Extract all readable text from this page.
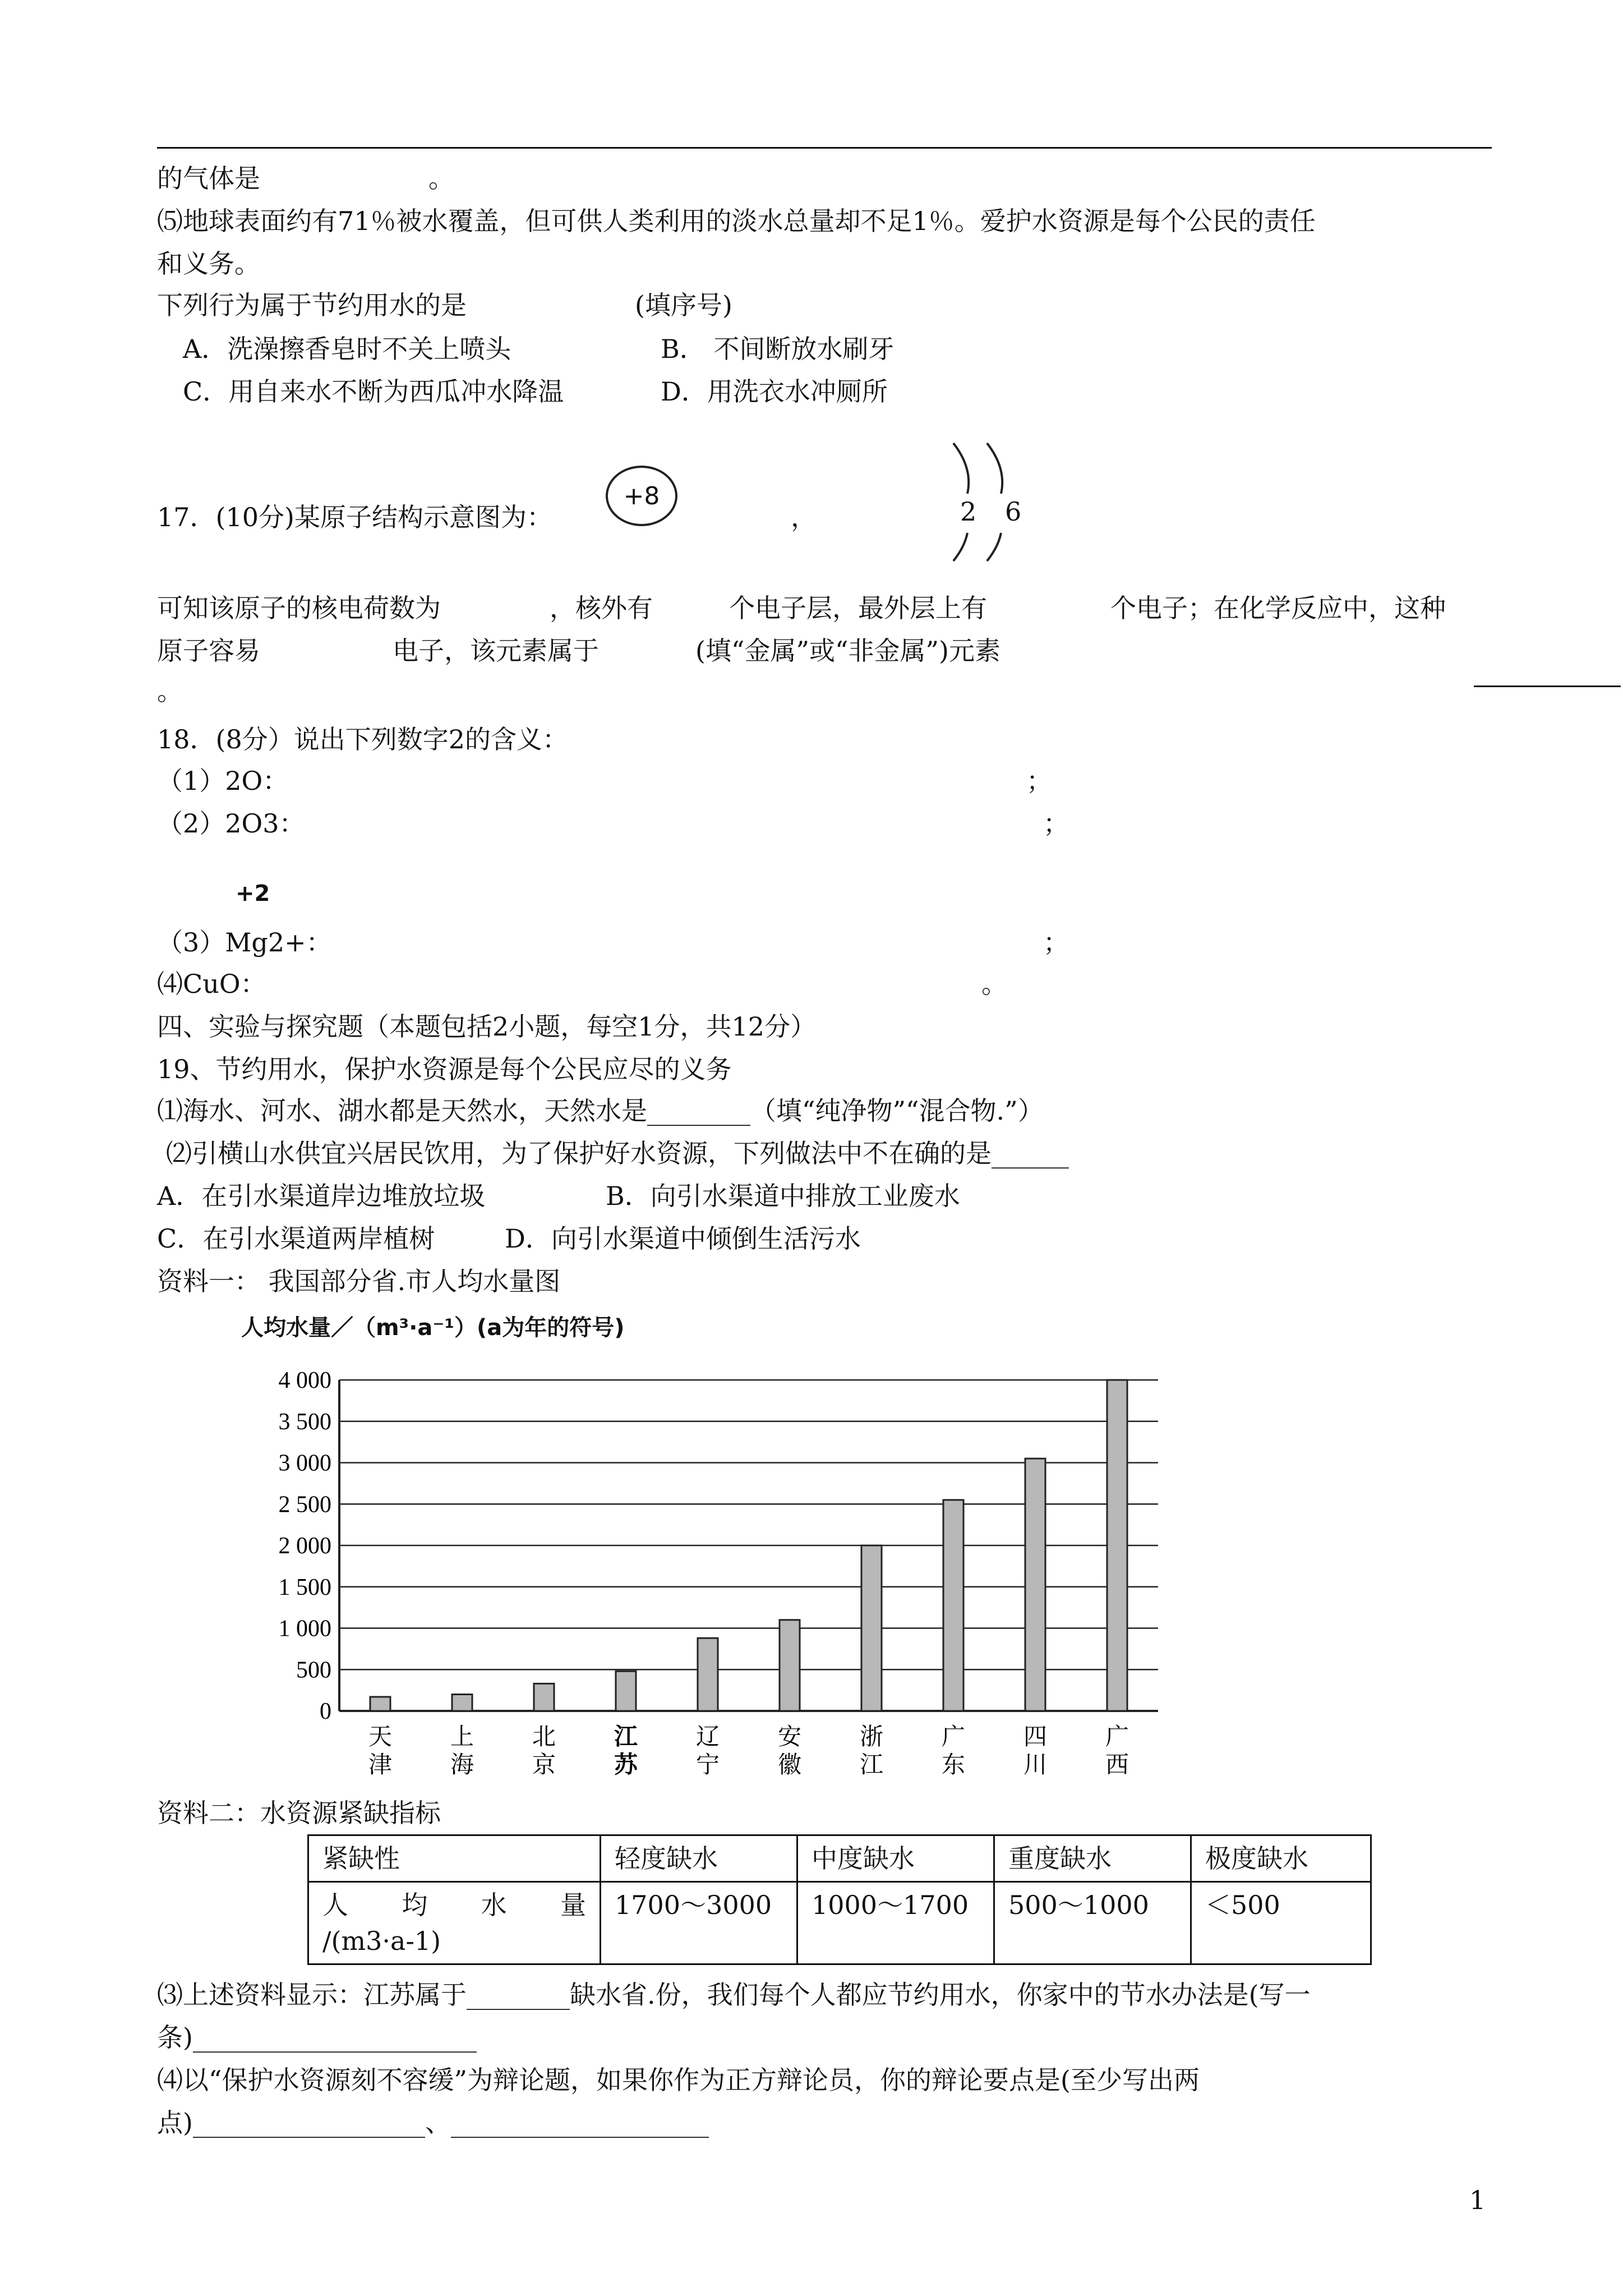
的气体是	。
⑸地球表面约有71％被水覆盖，但可供人类利用的淡水总量却不足1％。爱护水资源是每个公民的责任
和义务。
下列行为属于节约用水的是	(填序号)
A．洗澡擦香皂时不关上喷头	B． 不间断放水刷牙
C．用自来水不断为西瓜冲水降温	D．用洗衣水冲厕所
17．(10分)某原子结构示意图为：
+8
，	2 6
可知该原子的核电荷数为	，核外有	个电子层，最外层上有	个电子；在化学反应中，这种
原子容易	电子，该元素属于	(填“金属”或“非金属”)元素
。
18．(8分）说出下列数字2的含义：
（1）2O：	；
（2）2O3：	；
+2
（3）Mg2+：	；
⑷CuO：	。
四、实验与探究题（本题包括2小题，每空1分，共12分）
19、节约用水，保护水资源是每个公民应尽的义务
⑴海水、河水、湖水都是天然水，天然水是________（填“纯净物”“混合物.”）
⑵引横山水供宜兴居民饮用，为了保护好水资源，下列做法中不在确的是______
A．在引水渠道岸边堆放垃圾	B．向引水渠道中排放工业废水
C．在引水渠道两岸植树	D．向引水渠道中倾倒生活污水
资料一： 我国部分省.市人均水量图
人均水量／（m³·a⁻¹）(a为年的符号)
0
500
1 000
1 500
2 000
2 500
3 000
3 500
4 000
天
津
上
海
北
京
江
苏
辽
宁
安
徽
浙
江
广
东
四
川
广
西
资料二：水资源紧缺指标
紧缺性	轻度缺水	中度缺水	重度缺水	极度缺水

人 均 水 量
/(m3·a-1)	1700～3000	1000～1700	500～1000	＜500
⑶上述资料显示：江苏属于________缺水省.份，我们每个人都应节约用水，你家中的节水办法是(写一
条)______________________
⑷以“保护水资源刻不容缓”为辩论题，如果你作为正方辩论员，你的辩论要点是(至少写出两
点)__________________、____________________
1
